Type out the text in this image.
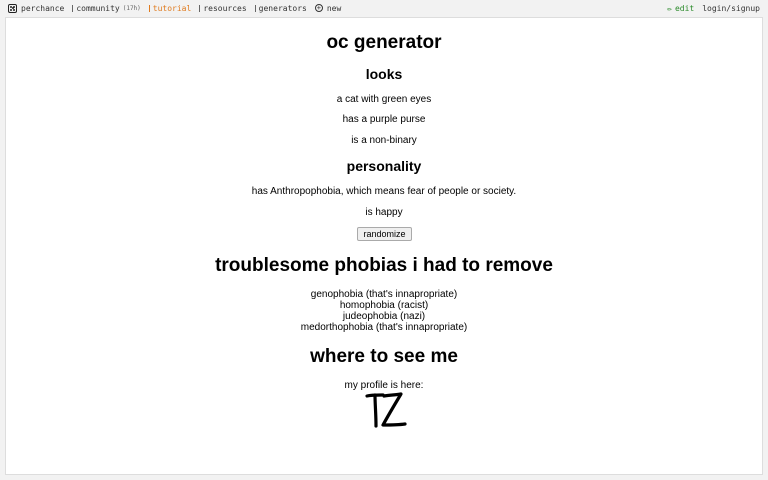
perchance community (17h) tutorial resources generators + new	✏ edit login/signup
oc generator
looks

a cat with green eyes

has a purple purse

is a non-binary

personality

has Anthropophobia, which means fear of people or society.

is happy

randomize
troublesome phobias i had to remove
genophobia (that's innapropriate)
homophobia (racist)
judeophobia (nazi)
medorthophobia (that's innapropriate)
where to see me

my profile is here:
